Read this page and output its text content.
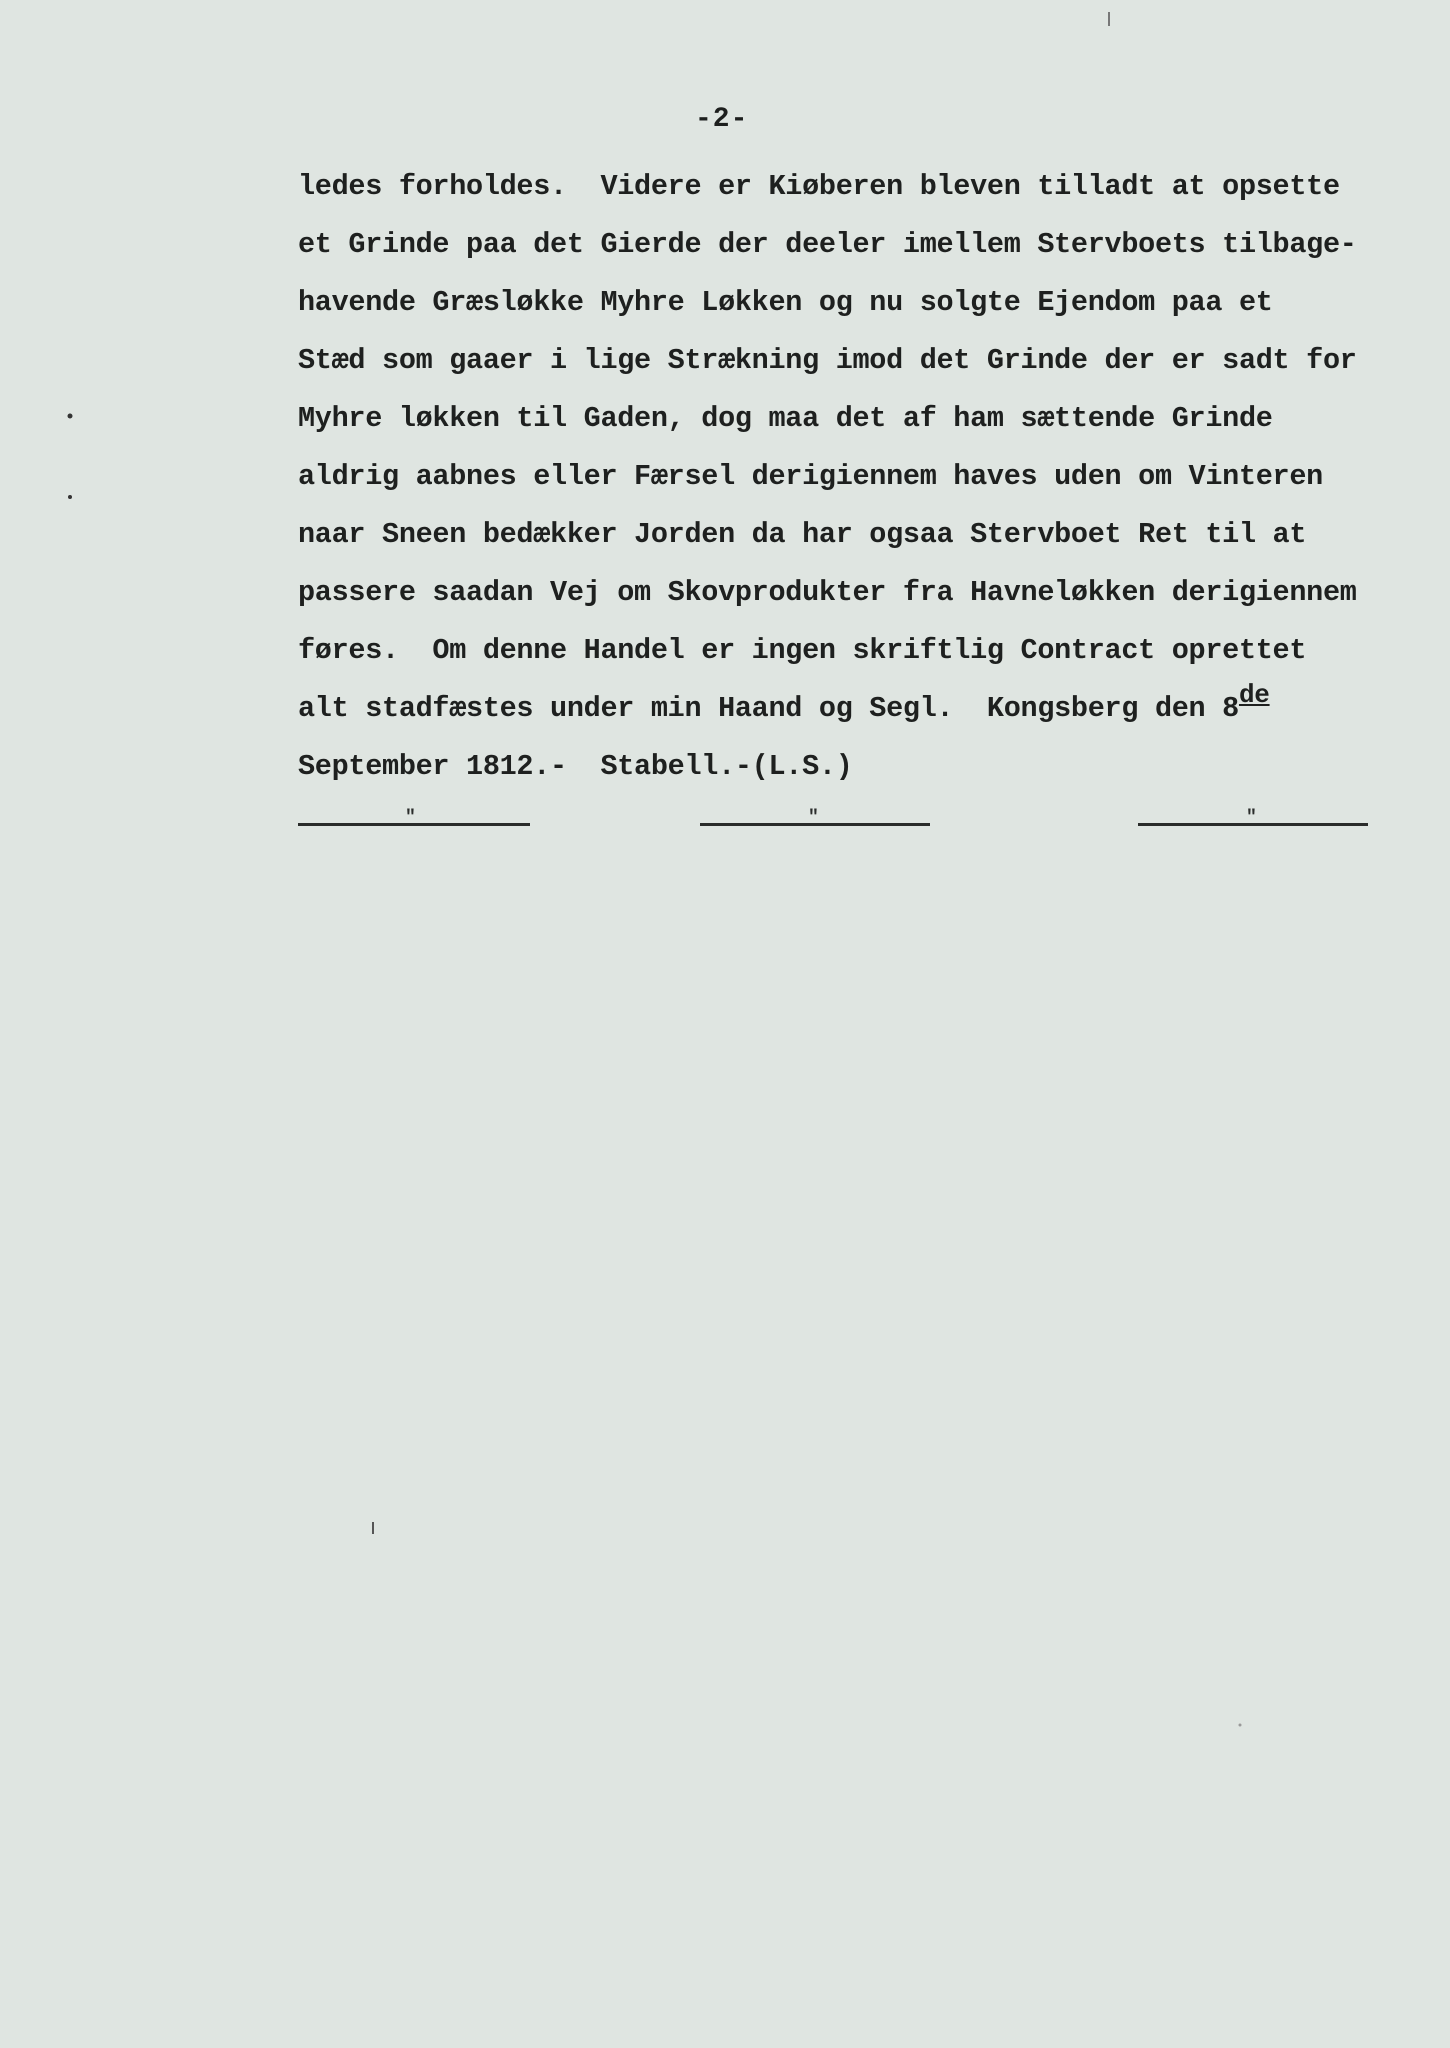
-2-
ledes forholdes.  Videre er Kiøberen bleven tilladt at opsette
et Grinde paa det Gierde der deeler imellem Stervboets tilbage-
havende Græsløkke Myhre Løkken og nu solgte Ejendom paa et
Stæd som gaaer i lige Strækning imod det Grinde der er sadt for
Myhre løkken til Gaden, dog maa det af ham sættende Grinde
aldrig aabnes eller Færsel derigiennem haves uden om Vinteren
naar Sneen bedækker Jorden da har ogsaa Stervboet Ret til at
passere saadan Vej om Skovprodukter fra Havneløkken derigiennem
føres.  Om denne Handel er ingen skriftlig Contract oprettet
alt stadfæstes under min Haand og Segl.  Kongsberg den 8de
September 1812.-  Stabell.-(L.S.)
"	"	"
